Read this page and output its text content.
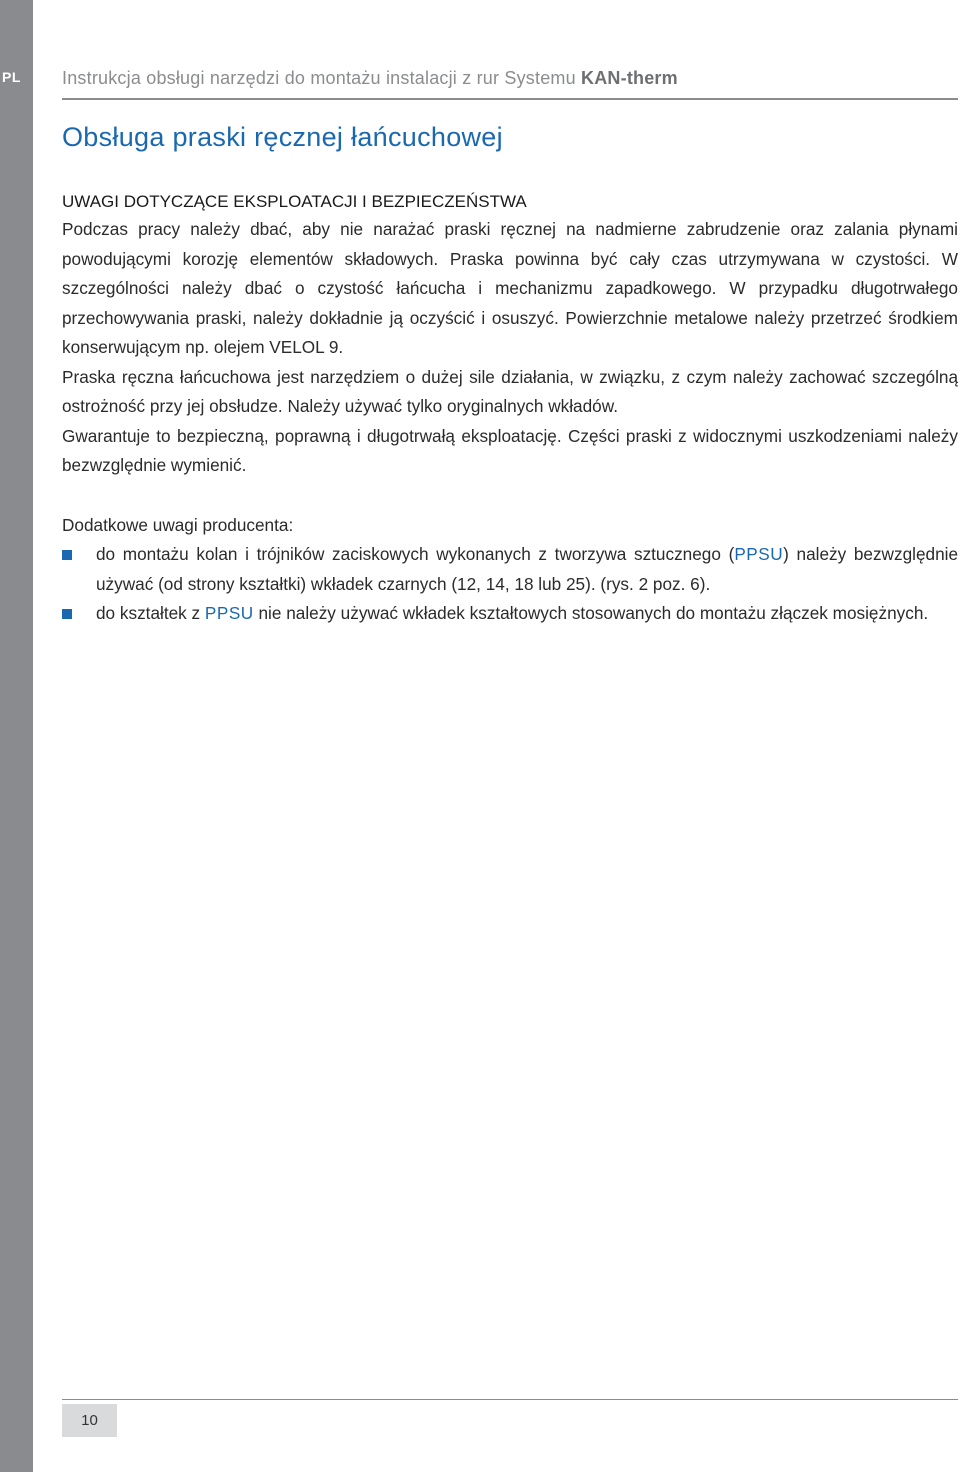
PL	Instrukcja obsługi narzędzi do montażu instalacji z rur Systemu KAN-therm
Obsługa praski ręcznej łańcuchowej
UWAGI DOTYCZĄCE EKSPLOATACJI I BEZPIECZEŃSTWA

Podczas pracy należy dbać, aby nie narażać praski ręcznej na nadmierne zabrudzenie oraz zalania płynami powodującymi korozję elementów składowych. Praska powinna być cały czas utrzymywana w czystości. W szczególności należy dbać o czystość łańcucha i mechanizmu zapadkowego. W przypadku długotrwałego przechowywania praski, należy dokładnie ją oczyścić i osuszyć. Powierzchnie metalowe należy przetrzeć środkiem konserwującym np. olejem VELOL 9.

Praska ręczna łańcuchowa jest narzędziem o dużej sile działania, w związku, z czym należy zachować szczególną ostrożność przy jej obsłudze. Należy używać tylko oryginalnych wkładów.

Gwarantuje to bezpieczną, poprawną i długotrwałą eksploatację. Części praski z widocznymi uszkodzeniami należy bezwzględnie wymienić.

Dodatkowe uwagi producenta:

do montażu kolan i trójników zaciskowych wykonanych z tworzywa sztucznego (PPSU) należy bezwzględnie używać (od strony kształtki) wkładek czarnych (12, 14, 18 lub 25). (rys. 2 poz. 6).
do kształtek z PPSU nie należy używać wkładek kształtowych stosowanych do montażu złączek mosiężnych.
10
